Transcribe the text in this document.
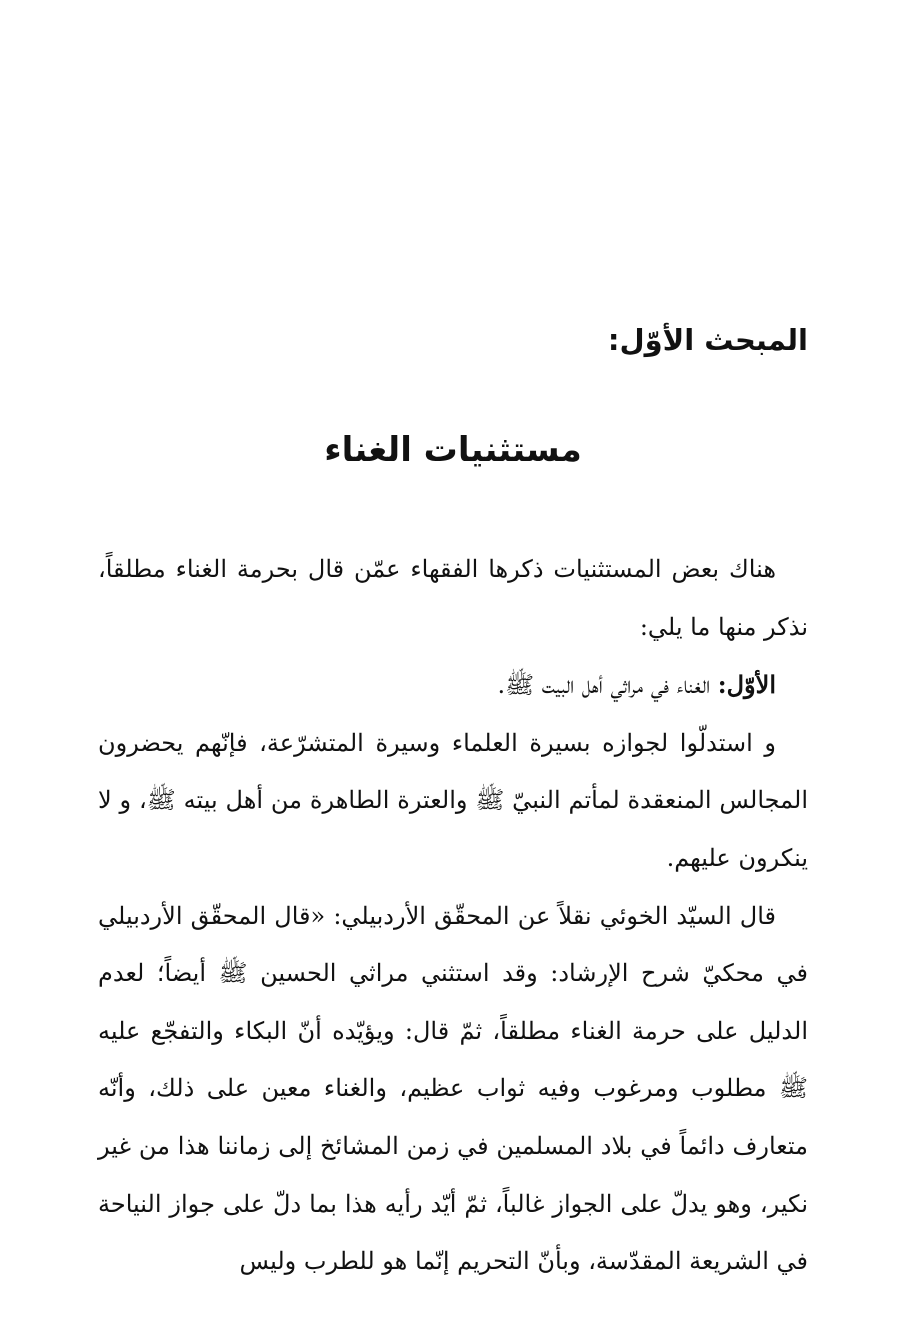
المبحث الأوّل:
مستثنيات الغناء

هناك بعض المستثنيات ذكرها الفقهاء عمّن قال بحرمة الغناء مطلقاً، نذكر منها ما يلي:

الأوّل: الغناء في مراثي أهل البيت ﷺ.

و استدلّوا لجوازه بسيرة العلماء وسيرة المتشرّعة، فإنّهم يحضرون المجالس المنعقدة لمأتم النبيّ ﷺ والعترة الطاهرة من أهل بيته ﷺ، و لا ينكرون عليهم.

قال السيّد الخوئي نقلاً عن المحقّق الأردبيلي: «قال المحقّق الأردبيلي في محكيّ شرح الإرشاد: وقد استثني مراثي الحسين ﷺ أيضاً؛ لعدم الدليل على حرمة الغناء مطلقاً، ثمّ قال: ويؤيّده أنّ البكاء والتفجّع عليه ﷺ مطلوب ومرغوب وفيه ثواب عظيم، والغناء معين على ذلك، وأنّه متعارف دائماً في بلاد المسلمين في زمن المشائخ إلى زماننا هذا من غير نكير، وهو يدلّ على الجواز غالباً، ثمّ أيّد رأيه هذا بما دلّ على جواز النياحة في الشريعة المقدّسة، وبأنّ التحريم إنّما هو للطرب وليس
